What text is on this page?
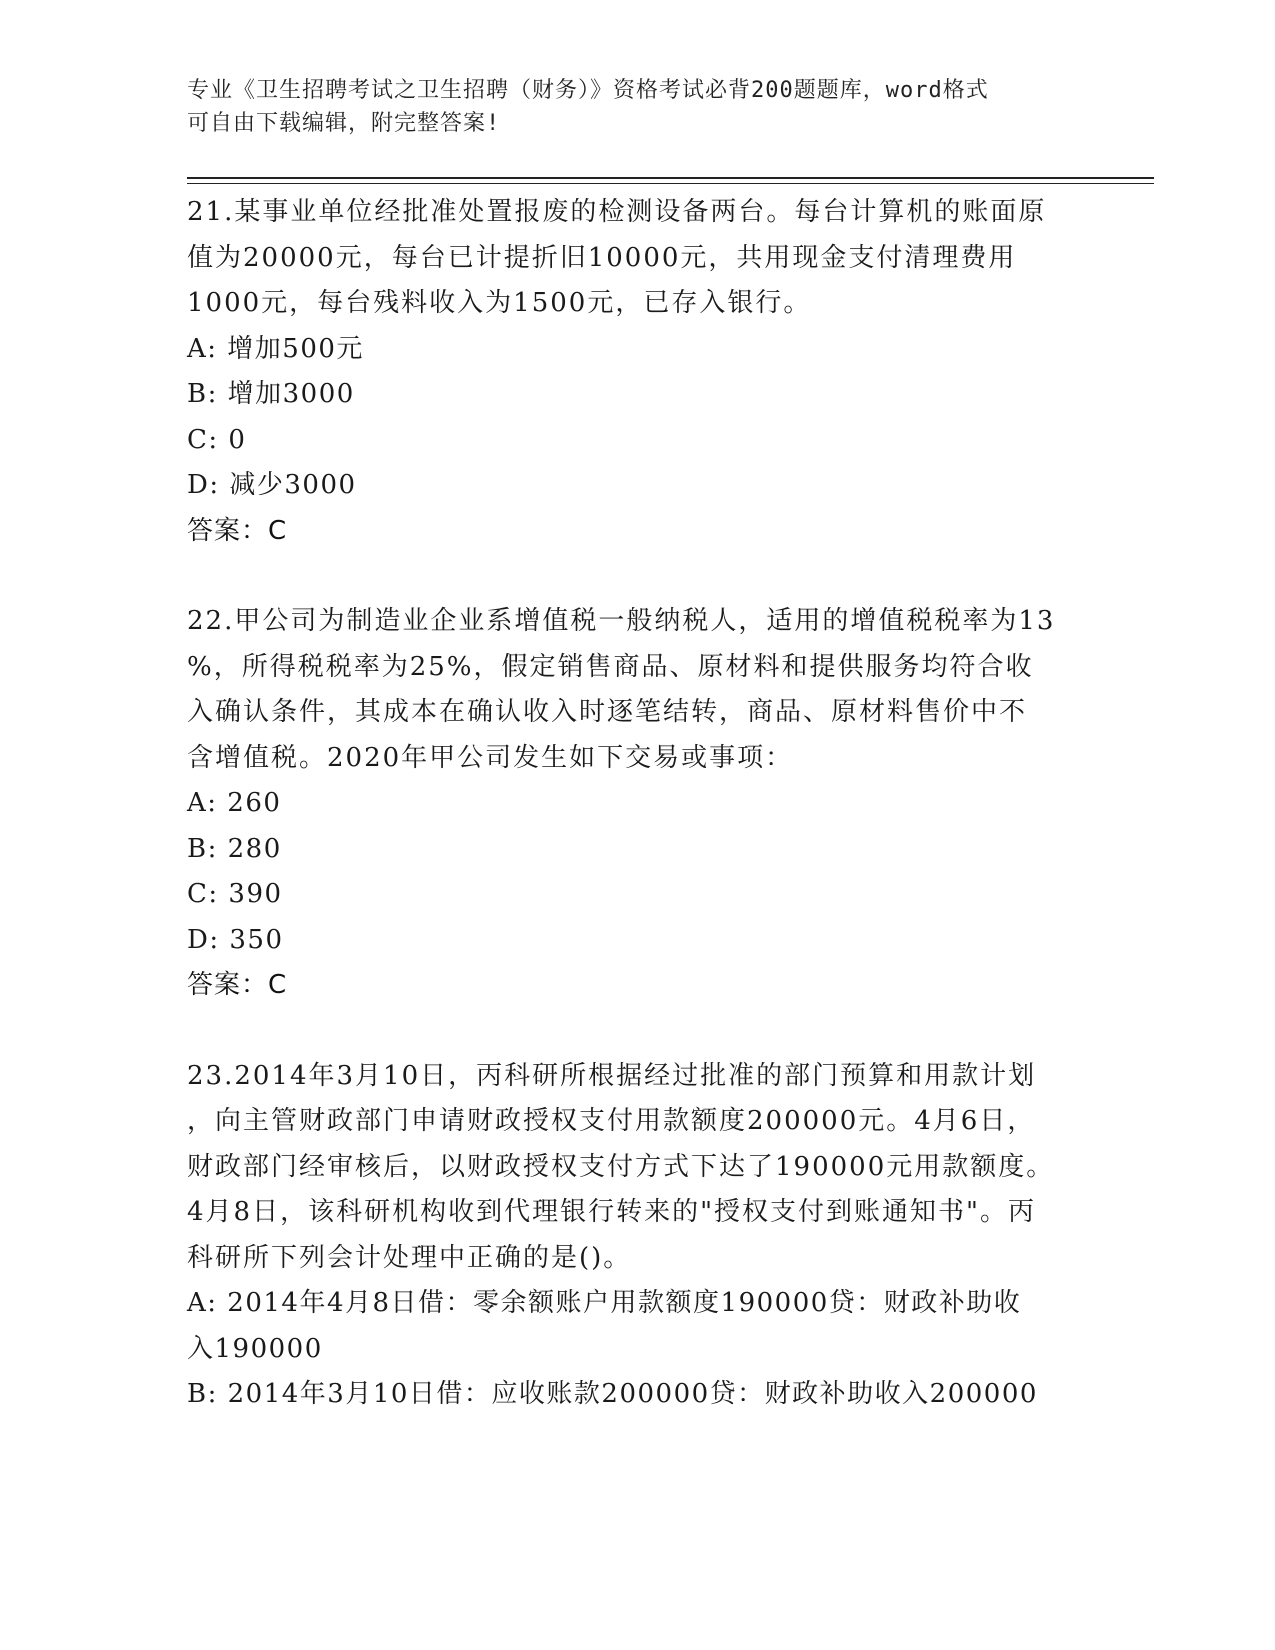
专业《卫生招聘考试之卫生招聘（财务）》资格考试必背200题题库，word格式
可自由下载编辑，附完整答案!

21.某事业单位经批准处置报废的检测设备两台。每台计算机的账面原
值为20000元，每台已计提折旧10000元，共用现金支付清理费用
1000元，每台残料收入为1500元，已存入银行。

A: 增加500元

B: 增加3000

C: 0

D: 减少3000

答案：C

22.甲公司为制造业企业系增值税一般纳税人，适用的增值税税率为13
%，所得税税率为25%，假定销售商品、原材料和提供服务均符合收
入确认条件，其成本在确认收入时逐笔结转，商品、原材料售价中不
含增值税。2020年甲公司发生如下交易或事项：

A: 260

B: 280

C: 390

D: 350

答案：C

23.2014年3月10日，丙科研所根据经过批准的部门预算和用款计划
，向主管财政部门申请财政授权支付用款额度200000元。4月6日，
财政部门经审核后，以财政授权支付方式下达了190000元用款额度。
4月8日，该科研机构收到代理银行转来的"授权支付到账通知书"。丙
科研所下列会计处理中正确的是()。

A: 2014年4月8日借：零余额账户用款额度190000贷：财政补助收
入190000

B: 2014年3月10日借：应收账款200000贷：财政补助收入200000
